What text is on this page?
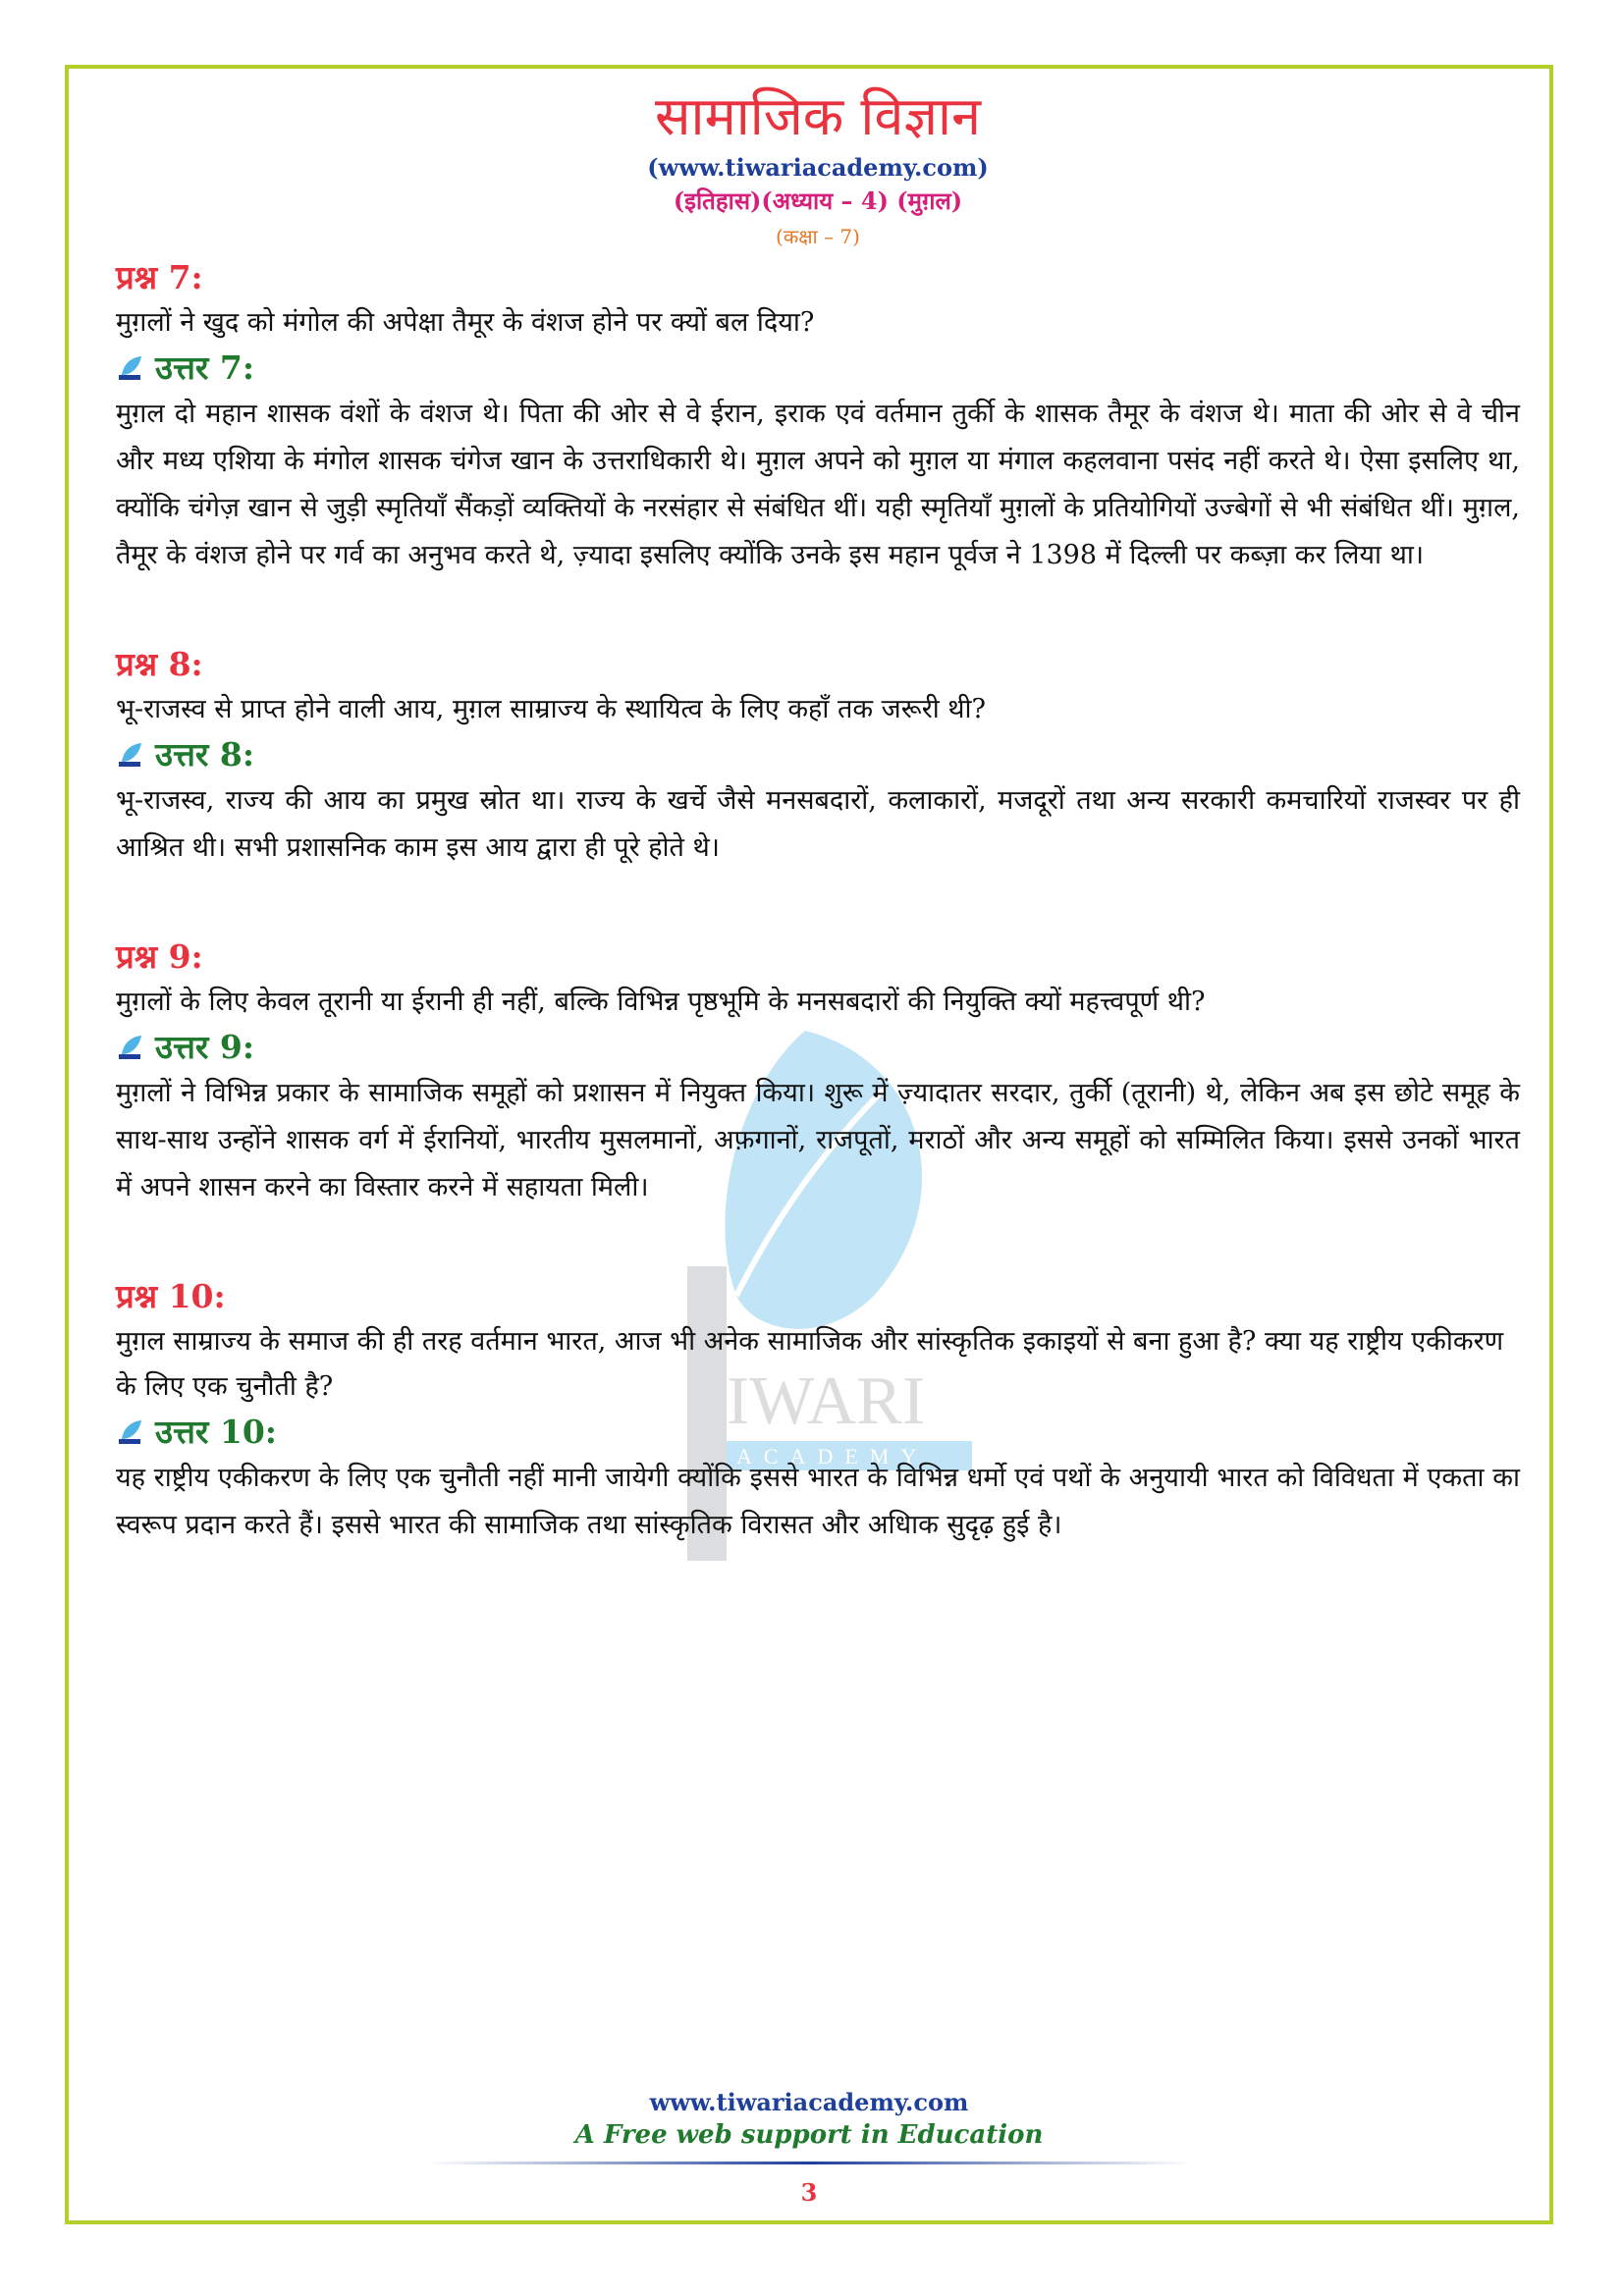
IWARI
ACADEMY
सामाजिक विज्ञान
(www.tiwariacademy.com)
(इतिहास)(अध्याय – 4) (मुग़ल)
(कक्षा – 7)
प्रश्न 7:
मुग़लों ने खुद को मंगोल की अपेक्षा तैमूर के वंशज होने पर क्यों बल दिया?
उत्तर 7:
मुग़ल दो महान शासक वंशों के वंशज थे। पिता की ओर से वे ईरान, इराक एवं वर्तमान तुर्की के शासक तैमूर के वंशज थे। माता की ओर से वे चीन और मध्य एशिया के मंगोल शासक चंगेज खान के उत्तराधिकारी थे। मुग़ल अपने को मुग़ल या मंगाल कहलवाना पसंद नहीं करते थे। ऐसा इसलिए था, क्योंकि चंगेज़ खान से जुड़ी स्मृतियाँ सैंकड़ों व्यक्तियों के नरसंहार से संबंधित थीं। यही स्मृतियाँ मुग़लों के प्रतियोगियों उज्बेगों से भी संबंधित थीं। मुग़ल, तैमूर के वंशज होने पर गर्व का अनुभव करते थे, ज़्यादा इसलिए क्योंकि उनके इस महान पूर्वज ने 1398 में दिल्ली पर कब्ज़ा कर लिया था।
प्रश्न 8:
भू-राजस्व से प्राप्त होने वाली आय, मुग़ल साम्राज्य के स्थायित्व के लिए कहाँ तक जरूरी थी?
उत्तर 8:
भू-राजस्व, राज्य की आय का प्रमुख स्रोत था। राज्य के खर्चे जैसे मनसबदारों, कलाकारों, मजदूरों तथा अन्य सरकारी कमचारियों राजस्वर पर ही आश्रित थी। सभी प्रशासनिक काम इस आय द्वारा ही पूरे होते थे।
प्रश्न 9:
मुग़लों के लिए केवल तूरानी या ईरानी ही नहीं, बल्कि विभिन्न पृष्ठभूमि के मनसबदारों की नियुक्ति क्यों महत्त्वपूर्ण थी?
उत्तर 9:
मुग़लों ने विभिन्न प्रकार के सामाजिक समूहों को प्रशासन में नियुक्त किया। शुरू में ज़्यादातर सरदार, तुर्की (तूरानी) थे, लेकिन अब इस छोटे समूह के साथ-साथ उन्होंने शासक वर्ग में ईरानियों, भारतीय मुसलमानों, अफ़गानों, राजपूतों, मराठों और अन्य समूहों को सम्मिलित किया। इससे उनकों भारत में अपने शासन करने का विस्तार करने में सहायता मिली।
प्रश्न 10:
मुग़ल साम्राज्य के समाज की ही तरह वर्तमान भारत, आज भी अनेक सामाजिक और सांस्कृतिक इकाइयों से बना हुआ है? क्या यह राष्ट्रीय एकीकरण के लिए एक चुनौती है?
उत्तर 10:
यह राष्ट्रीय एकीकरण के लिए एक चुनौती नहीं मानी जायेगी क्योंकि इससे भारत के विभिन्न धर्मो एवं पथों के अनुयायी भारत को विविधता में एकता का स्वरूप प्रदान करते हैं। इससे भारत की सामाजिक तथा सांस्कृतिक विरासत और अधिाक सुदृढ़ हुई है।
www.tiwariacademy.com
A Free web support in Education
3
